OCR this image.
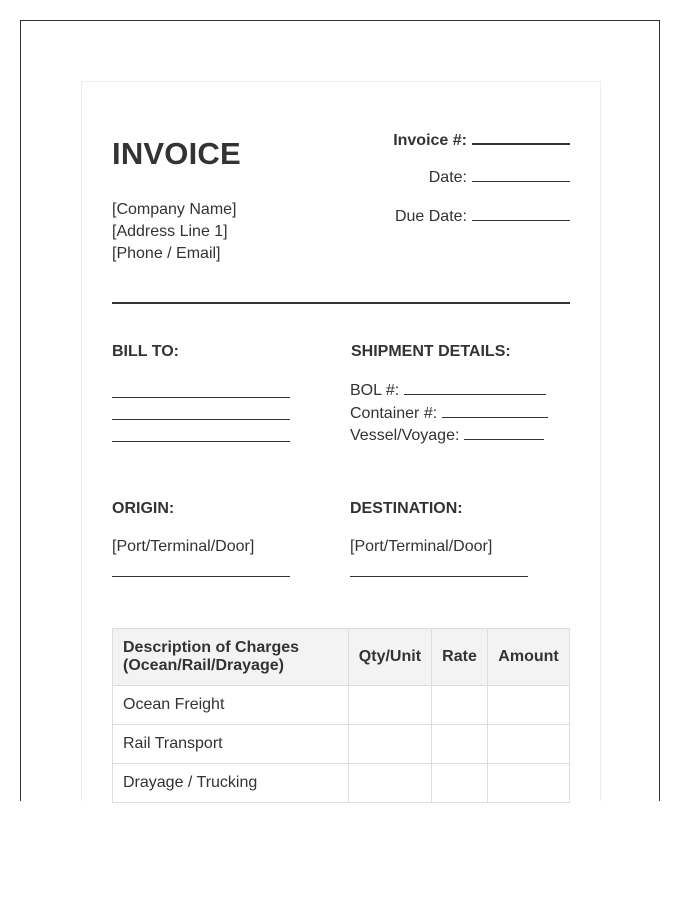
INVOICE
[Company Name]
[Address Line 1]
[Phone / Email]
Invoice #:
Date:
Due Date:
BILL TO:	SHIPMENT DETAILS:
BOL #:
Container #:
Vessel/Voyage:
ORIGIN:
[Port/Terminal/Door]
DESTINATION:
[Port/Terminal/Door]
Description of Charges
(Ocean/Rail/Drayage)	Qty/Unit	Rate	Amount
Ocean Freight			
Rail Transport			
Drayage / Trucking			
